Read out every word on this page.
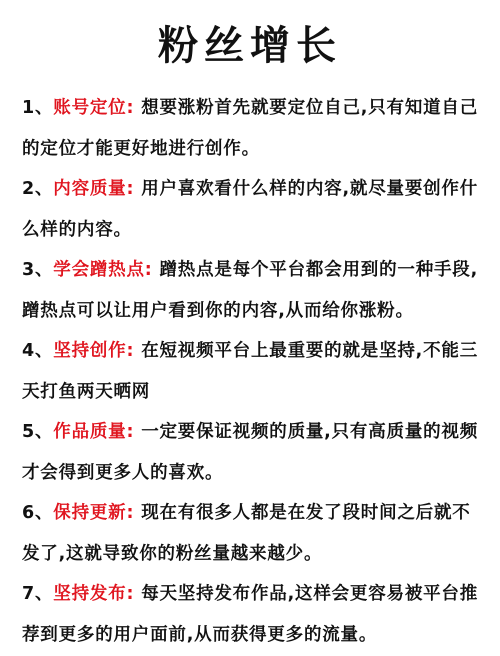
粉丝增长

1、账号定位: 想要涨粉首先就要定位自己,只有知道自己的定位才能更好地进行创作。

2、内容质量: 用户喜欢看什么样的内容,就尽量要创作什么样的内容。

3、学会蹭热点: 蹭热点是每个平台都会用到的一种手段,蹭热点可以让用户看到你的内容,从而给你涨粉。

4、坚持创作: 在短视频平台上最重要的就是坚持,不能三天打鱼两天晒网

5、作品质量: 一定要保证视频的质量,只有高质量的视频才会得到更多人的喜欢。

6、保持更新: 现在有很多人都是在发了段时间之后就不发了,这就导致你的粉丝量越来越少。

7、坚持发布: 每天坚持发布作品,这样会更容易被平台推荐到更多的用户面前,从而获得更多的流量。
